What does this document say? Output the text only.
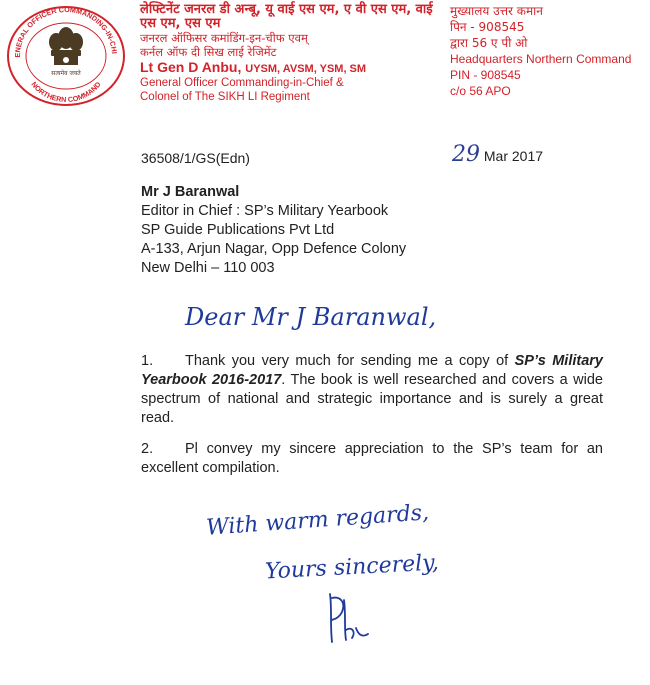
ENERAL OFFICER COMMANDING-IN-CHI
NORTHERN COMMAND
सत्यमेव जयते
लेफ्टिनेंट जनरल डी अन्बू, यू वाई एस एम, ए वी एस एम, वाई एस एम, एस एम
जनरल ऑफिसर कमांडिंग-इन-चीफ एवम्
कर्नल ऑफ दी सिख लाई रेजिमेंट
Lt Gen D Anbu, UYSM, AVSM, YSM, SM
General Officer Commanding-in-Chief &
Colonel of The SIKH LI Regiment
मुख्यालय उत्तर कमान
पिन - 908545
द्वारा 56 ए पी ओ
Headquarters Northern Command
PIN - 908545
c/o 56 APO
36508/1/GS(Edn)	29 Mar 2017
Mr J Baranwal
Editor in Chief : SP’s Military Yearbook
SP Guide Publications Pvt Ltd
A-133, Arjun Nagar, Opp Defence Colony
New Delhi – 110 003
Dear Mr J Baranwal,
1. Thank you very much for sending me a copy of SP’s Military Yearbook 2016-2017. The book is well researched and covers a wide spectrum of national and strategic importance and is surely a great read.
2. Pl convey my sincere appreciation to the SP’s team for an excellent compilation.
With warm regards,
Yours sincerely,
